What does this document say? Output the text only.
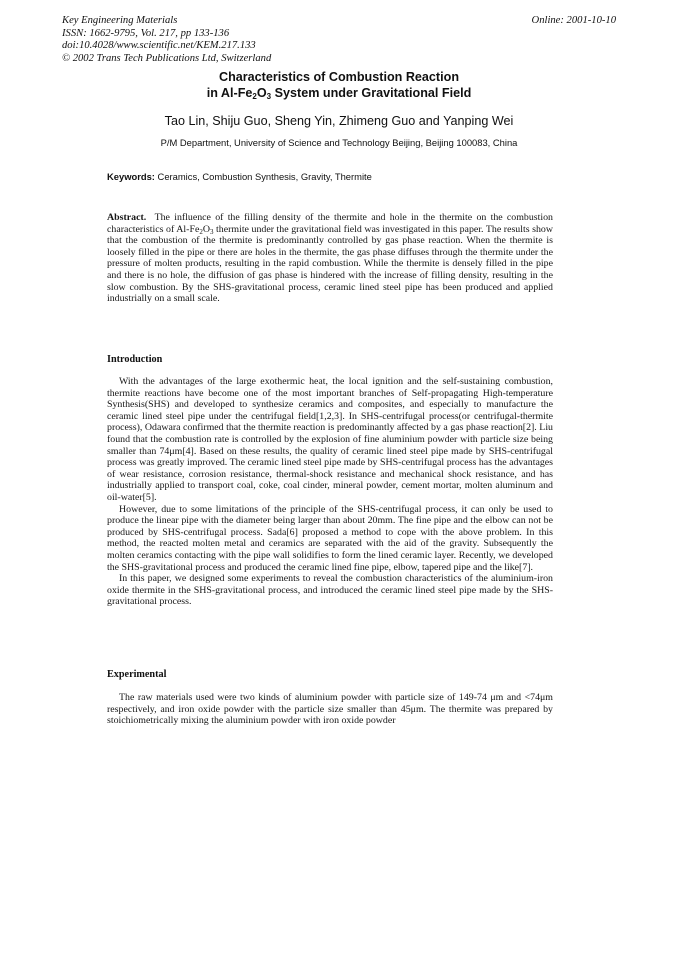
Key Engineering Materials
ISSN: 1662-9795, Vol. 217, pp 133-136
doi:10.4028/www.scientific.net/KEM.217.133
© 2002 Trans Tech Publications Ltd, Switzerland
Online: 2001-10-10
Characteristics of Combustion Reaction
in $Al-Fe_2O_3$ System under Gravitational Field
Tao Lin, Shiju Guo, Sheng Yin, Zhimeng Guo and Yanping Wei
P/M Department, University of Science and Technology Beijing, Beijing 100083, China
Keywords: Ceramics, Combustion Synthesis, Gravity, Thermite

Abstract. The influence of the filling density of the thermite and hole in the thermite on the combustion characteristics of $Al-Fe_2O_3$ thermite under the gravitational field was investigated in this paper. The results show that the combustion of the thermite is predominantly controlled by gas phase reaction. When the thermite is loosely filled in the pipe or there are holes in the thermite, the gas phase diffuses through the thermite under the pressure of molten products, resulting in the rapid combustion. While the thermite is densely filled in the pipe and there is no hole, the diffusion of gas phase is hindered with the increase of filling density, resulting in the slow combustion. By the SHS-gravitational process, ceramic lined steel pipe has been produced and applied industrially on a small scale.

Introduction

With the advantages of the large exothermic heat, the local ignition and the self-sustaining combustion, thermite reactions have become one of the most important branches of Self-propagating High-temperature Synthesis(SHS) and developed to synthesize ceramics and composites, and especially to manufacture the ceramic lined steel pipe under the centrifugal field[1,2,3]. In SHS-centrifugal process(or centrifugal-thermite process), Odawara confirmed that the thermite reaction is predominantly affected by a gas phase reaction[2]. Liu found that the combustion rate is controlled by the explosion of fine aluminium powder with particle size being smaller than 74μm[4]. Based on these results, the quality of ceramic lined steel pipe made by SHS-centrifugal process was greatly improved. The ceramic lined steel pipe made by SHS-centrifugal process has the advantages of wear resistance, corrosion resistance, thermal-shock resistance and mechanical shock resistance, and has industrially applied to transport coal, coke, coal cinder, mineral powder, cement mortar, molten aluminum and oil-water[5].

However, due to some limitations of the principle of the SHS-centrifugal process, it can only be used to produce the linear pipe with the diameter being larger than about 20mm. The fine pipe and the elbow can not be produced by SHS-centrifugal process. Sada[6] proposed a method to cope with the above problem. In this method, the reacted molten metal and ceramics are separated with the aid of the gravity. Subsequently the molten ceramics contacting with the pipe wall solidifies to form the lined ceramic layer. Recently, we developed the SHS-gravitational process and produced the ceramic lined fine pipe, elbow, tapered pipe and the like[7].

In this paper, we designed some experiments to reveal the combustion characteristics of the aluminium-iron oxide thermite in the SHS-gravitational process, and introduced the ceramic lined steel pipe made by the SHS-gravitational process.

Experimental

The raw materials used were two kinds of aluminium powder with particle size of 149-74 μm and <74μm respectively, and iron oxide powder with the particle size smaller than 45μm. The thermite was prepared by stoichiometrically mixing the aluminium powder with iron oxide powder
